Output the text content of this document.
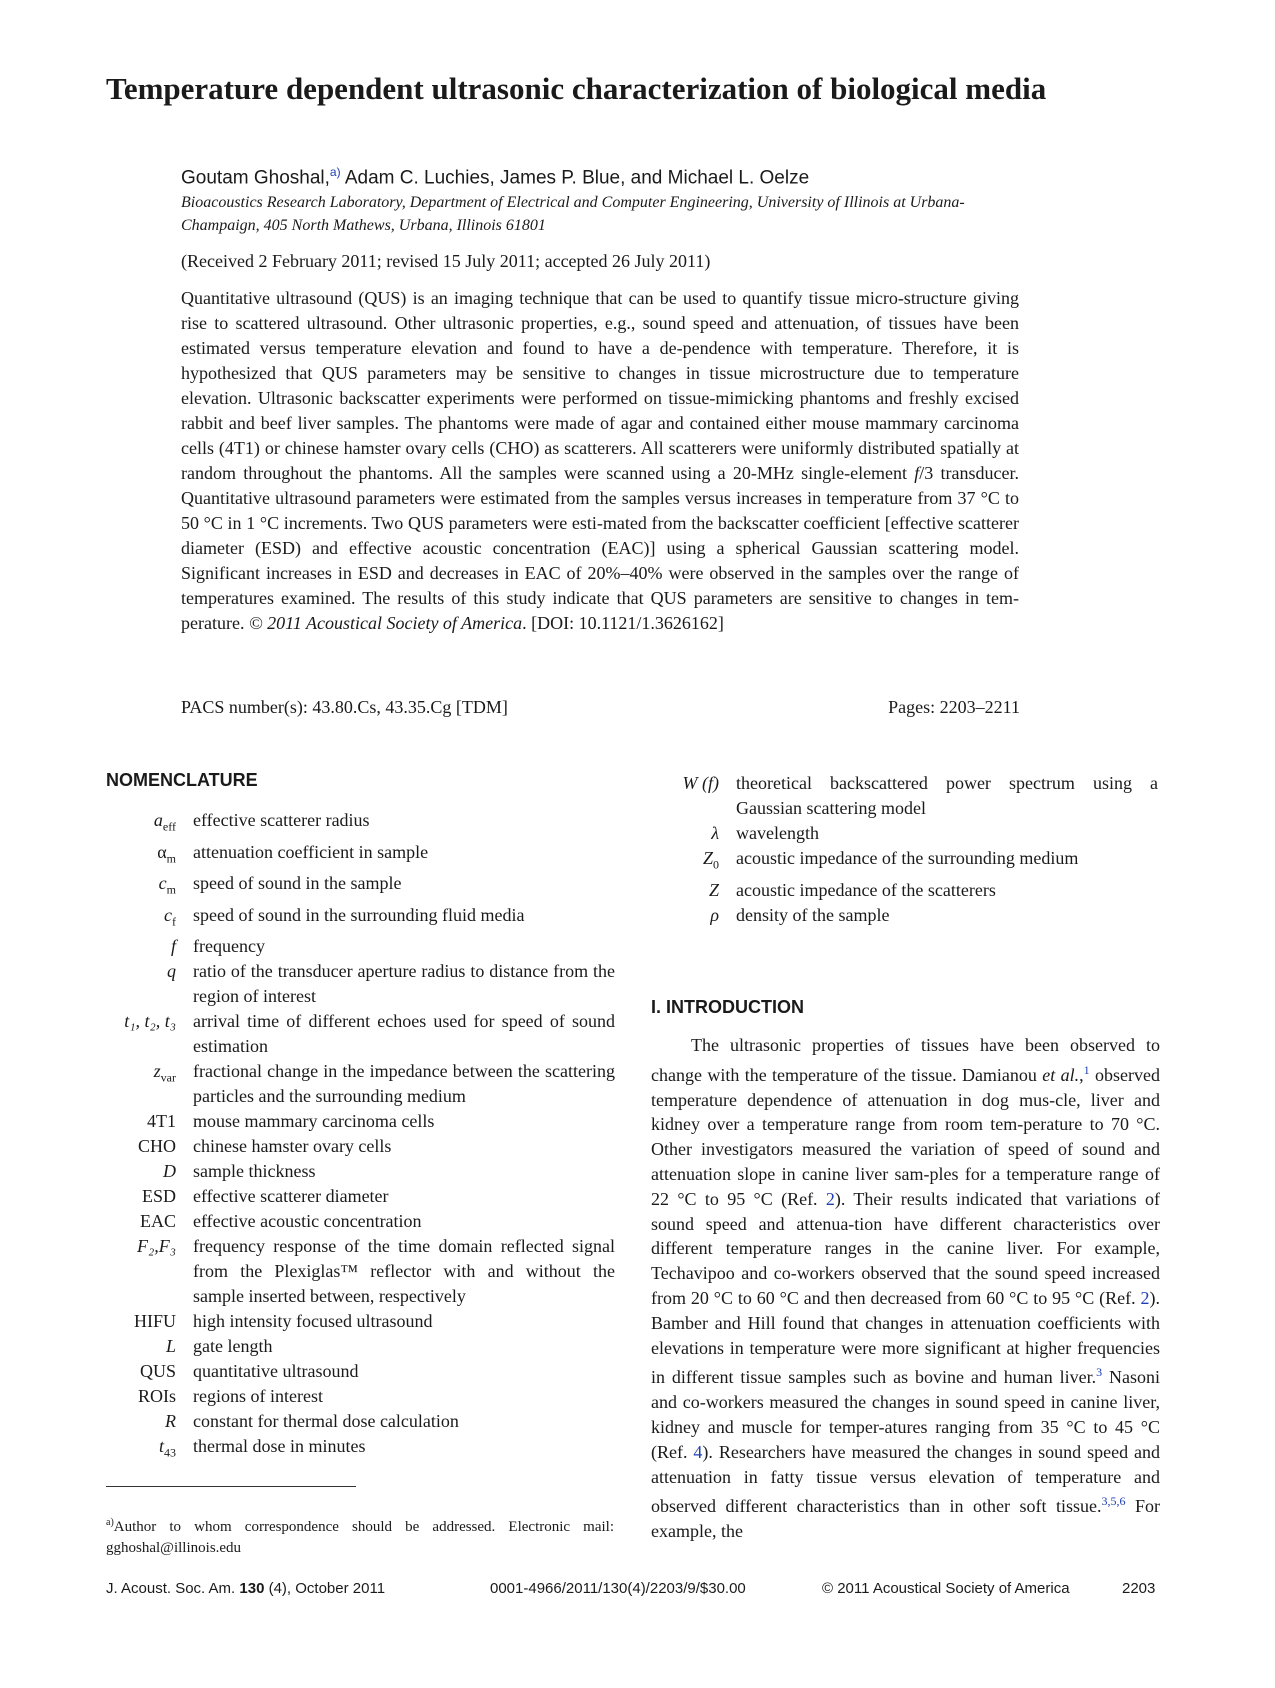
Temperature dependent ultrasonic characterization of biological media
Goutam Ghoshal,$^{a)}$ Adam C. Luchies, James P. Blue, and Michael L. Oelze
Bioacoustics Research Laboratory, Department of Electrical and Computer Engineering, University of Illinois at Urbana-Champaign, 405 North Mathews, Urbana, Illinois 61801
(Received 2 February 2011; revised 15 July 2011; accepted 26 July 2011)

Quantitative ultrasound (QUS) is an imaging technique that can be used to quantify tissue micro-structure giving rise to scattered ultrasound. Other ultrasonic properties, e.g., sound speed and attenuation, of tissues have been estimated versus temperature elevation and found to have a de-pendence with temperature. Therefore, it is hypothesized that QUS parameters may be sensitive to changes in tissue microstructure due to temperature elevation. Ultrasonic backscatter experiments were performed on tissue-mimicking phantoms and freshly excised rabbit and beef liver samples. The phantoms were made of agar and contained either mouse mammary carcinoma cells (4T1) or chinese hamster ovary cells (CHO) as scatterers. All scatterers were uniformly distributed spatially at random throughout the phantoms. All the samples were scanned using a 20-MHz single-element f/3 transducer. Quantitative ultrasound parameters were estimated from the samples versus increases in temperature from 37 °C to 50 °C in 1 °C increments. Two QUS parameters were esti-mated from the backscatter coefficient [effective scatterer diameter (ESD) and effective acoustic concentration (EAC)] using a spherical Gaussian scattering model. Significant increases in ESD and decreases in EAC of 20%–40% were observed in the samples over the range of temperatures examined. The results of this study indicate that QUS parameters are sensitive to changes in tem-perature. © 2011 Acoustical Society of America. [DOI: 10.1121/1.3626162]

PACS number(s): 43.80.Cs, 43.35.Cg [TDM]	Pages: 2203–2211
NOMENCLATURE
$a_{eff}$ effective scatterer radius
$\alpha_m$ attenuation coefficient in sample
$c_m$ speed of sound in the sample
$c_f$ speed of sound in the surrounding fluid media
f frequency
q ratio of the transducer aperture radius to distance from the region of interest
t₁, t₂, t₃ arrival time of different echoes used for speed of sound estimation
$z_{var}$ fractional change in the impedance between the scattering particles and the surrounding medium
4T1 mouse mammary carcinoma cells
CHO chinese hamster ovary cells
D sample thickness
ESD effective scatterer diameter
EAC effective acoustic concentration
F₂,F₃ frequency response of the time domain reflected signal from the Plexiglas™ reflector with and without the sample inserted between, respectively
HIFU high intensity focused ultrasound
L gate length
QUS quantitative ultrasound
ROIs regions of interest
R constant for thermal dose calculation
$t_{43}$ thermal dose in minutes
W (f) theoretical backscattered power spectrum using a Gaussian scattering model
λ wavelength
$Z_0$ acoustic impedance of the surrounding medium
Z acoustic impedance of the scatterers
ρ density of the sample
$^{a)}$Author to whom correspondence should be addressed. Electronic mail: gghoshal@illinois.edu
I. INTRODUCTION

The ultrasonic properties of tissues have been observed to change with the temperature of the tissue. Damianou et al.,$^1$ observed temperature dependence of attenuation in dog mus-cle, liver and kidney over a temperature range from room tem-perature to 70 °C. Other investigators measured the variation of speed of sound and attenuation slope in canine liver sam-ples for a temperature range of 22 °C to 95 °C (Ref. 2). Their results indicated that variations of sound speed and attenua-tion have different characteristics over different temperature ranges in the canine liver. For example, Techavipoo and co-workers observed that the sound speed increased from 20 °C to 60 °C and then decreased from 60 °C to 95 °C (Ref. 2). Bamber and Hill found that changes in attenuation coefficients with elevations in temperature were more significant at higher frequencies in different tissue samples such as bovine and human liver.$^3$ Nasoni and co-workers measured the changes in sound speed in canine liver, kidney and muscle for temper-atures ranging from 35 °C to 45 °C (Ref. 4). Researchers have measured the changes in sound speed and attenuation in fatty tissue versus elevation of temperature and observed different characteristics than in other soft tissue.$^{3,5,6}$ For example, the

J. Acoust. Soc. Am. 130 (4), October 2011	0001-4966/2011/130(4)/2203/9/$30.00	© 2011 Acoustical Society of America	2203
